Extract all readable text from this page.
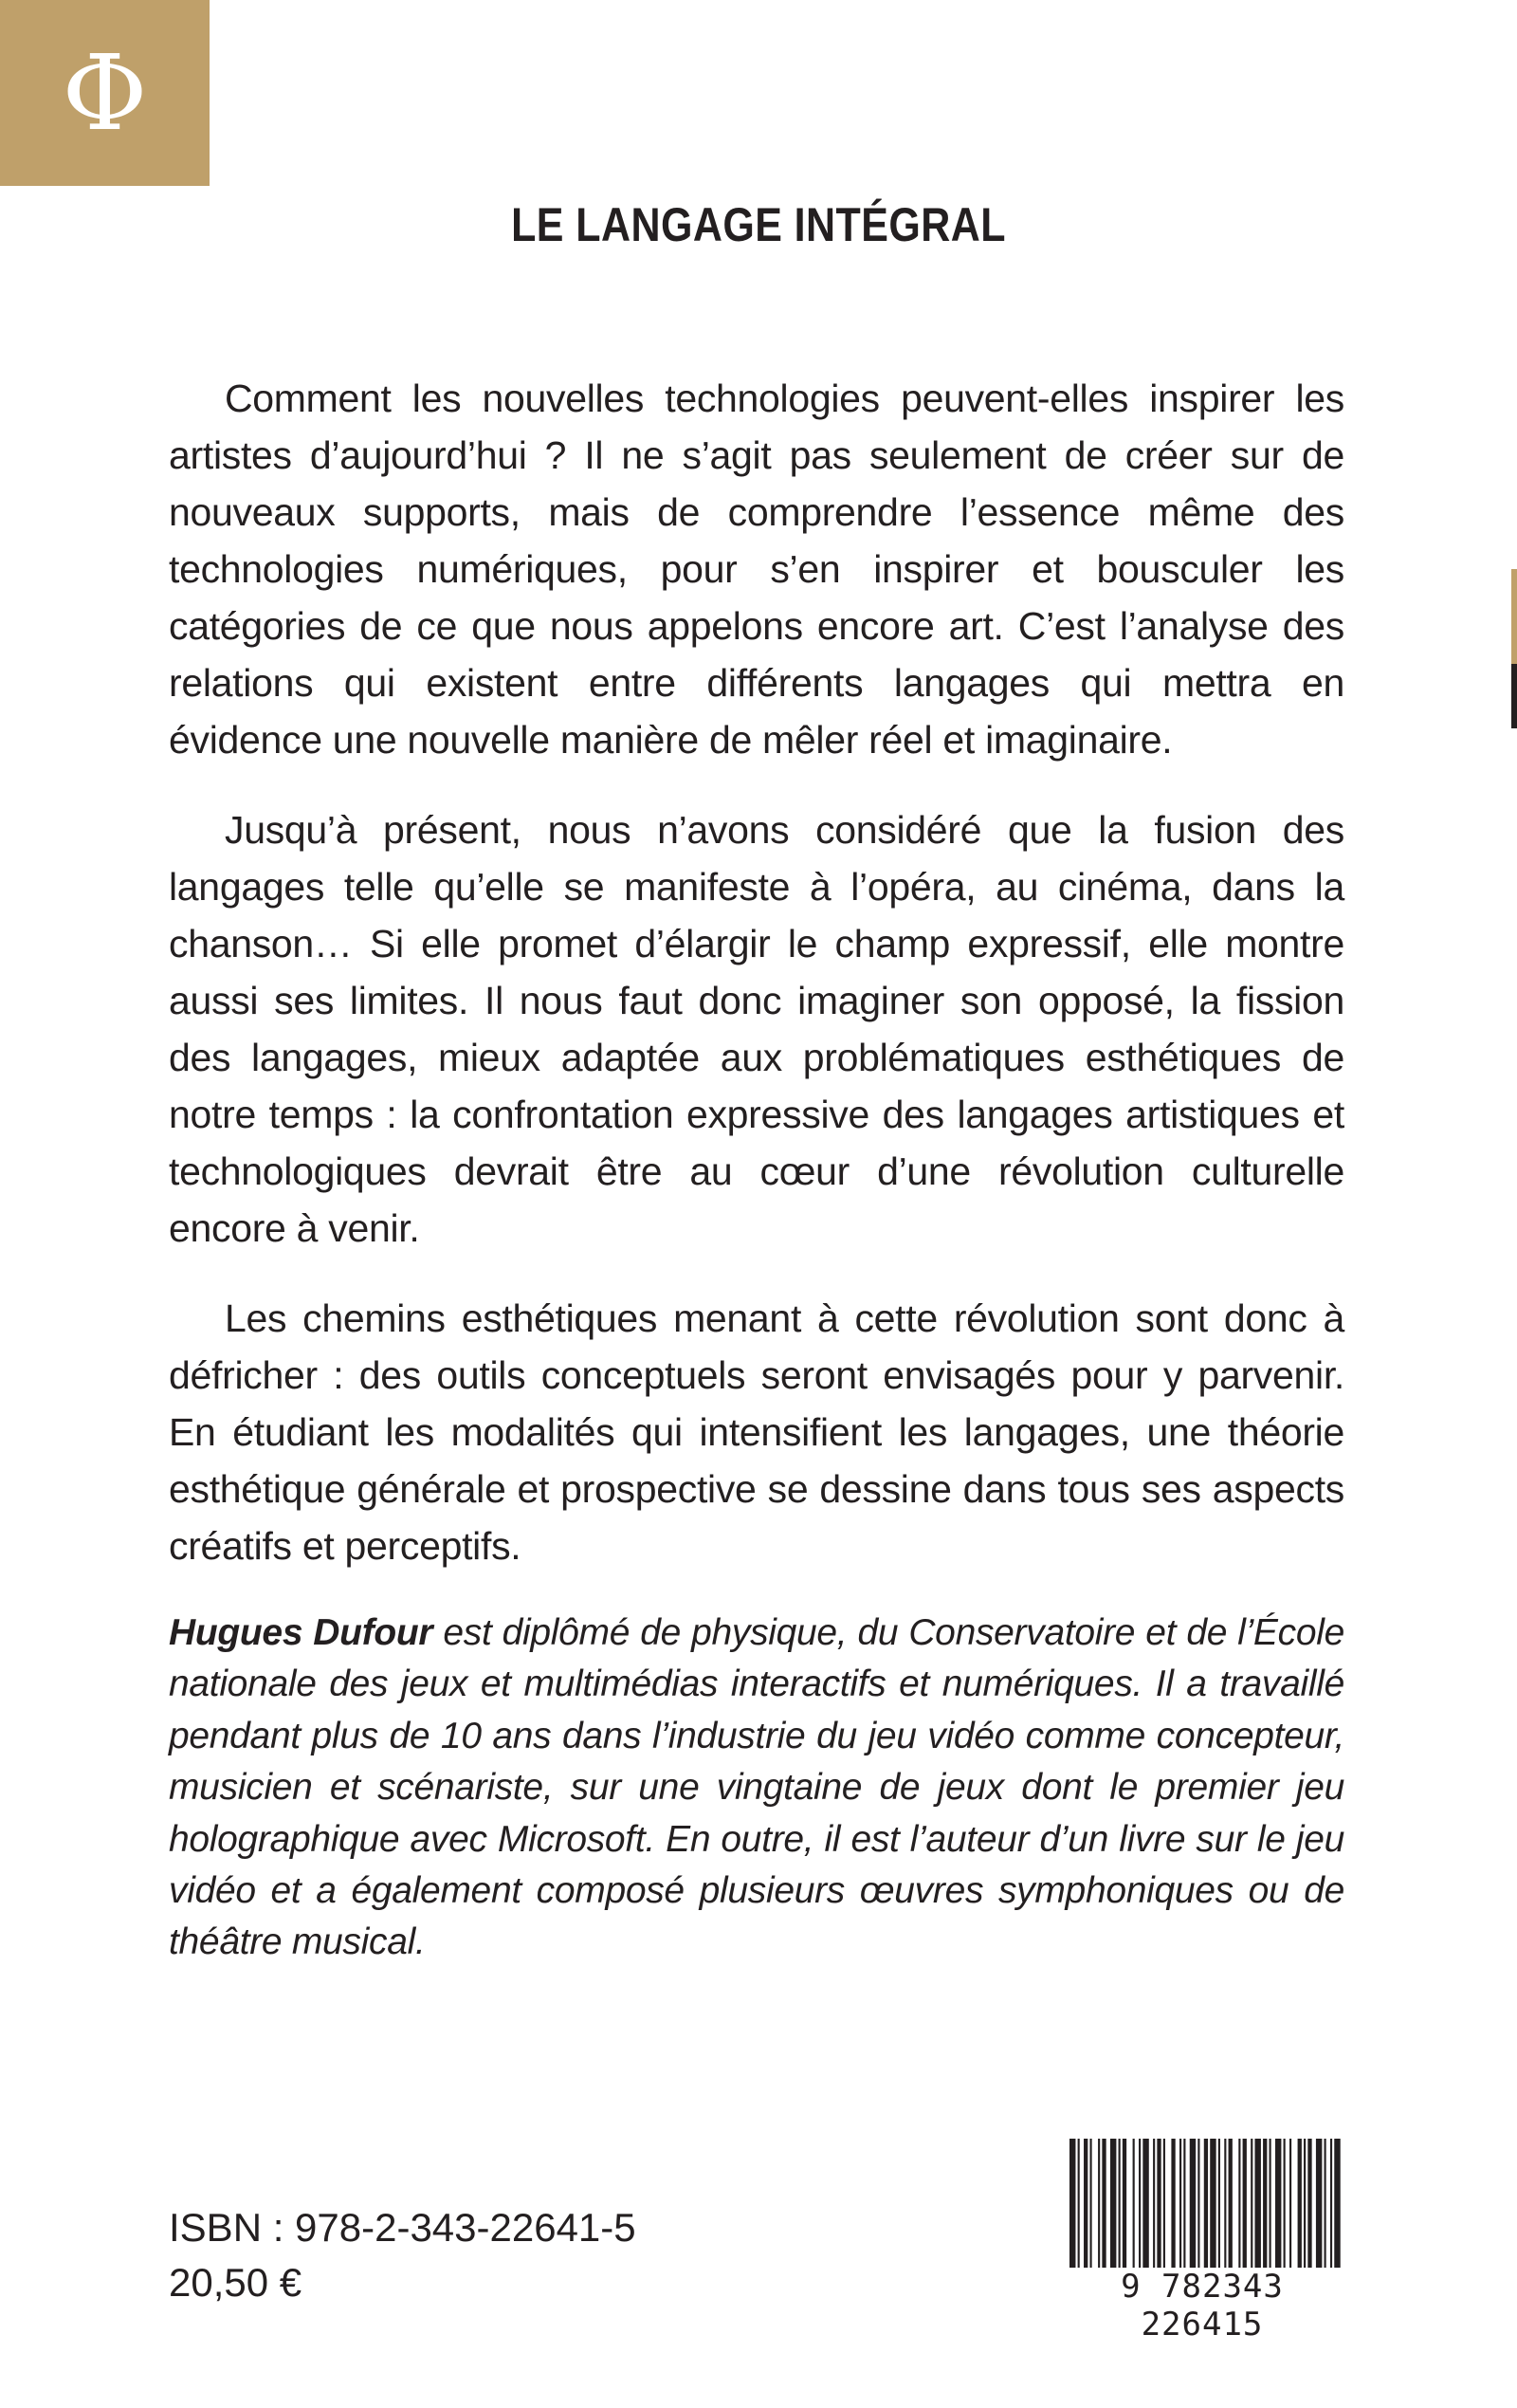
Φ
LE LANGAGE INTÉGRAL

Comment les nouvelles technologies peuvent-elles inspirer les artistes d’aujourd’hui ? Il ne s’agit pas seulement de créer sur de nouveaux supports, mais de comprendre l’essence même des technologies numériques, pour s’en inspirer et bousculer les catégories de ce que nous appelons encore art. C’est l’analyse des relations qui existent entre différents langages qui mettra en évidence une nouvelle manière de mêler réel et imaginaire.

Jusqu’à présent, nous n’avons considéré que la fusion des langages telle qu’elle se manifeste à l’opéra, au cinéma, dans la chanson… Si elle promet d’élargir le champ expressif, elle montre aussi ses limites. Il nous faut donc imaginer son opposé, la fission des langages, mieux adaptée aux problématiques esthétiques de notre temps : la confrontation expressive des langages artistiques et technologiques devrait être au cœur d’une révolution culturelle encore à venir.

Les chemins esthétiques menant à cette révolution sont donc à défricher : des outils conceptuels seront envisagés pour y parvenir. En étudiant les modalités qui intensifient les langages, une théorie esthétique générale et prospective se dessine dans tous ses aspects créatifs et perceptifs.

Hugues Dufour est diplômé de physique, du Conservatoire et de l’École nationale des jeux et multimédias interactifs et numériques. Il a travaillé pendant plus de 10 ans dans l’industrie du jeu vidéo comme concepteur, musicien et scénariste, sur une vingtaine de jeux dont le premier jeu holographique avec Microsoft. En outre, il est l’auteur d’un livre sur le jeu vidéo et a également composé plusieurs œuvres symphoniques ou de théâtre musical.
ISBN : 978-2-343-22641-5
20,50 €	9 782343 226415
